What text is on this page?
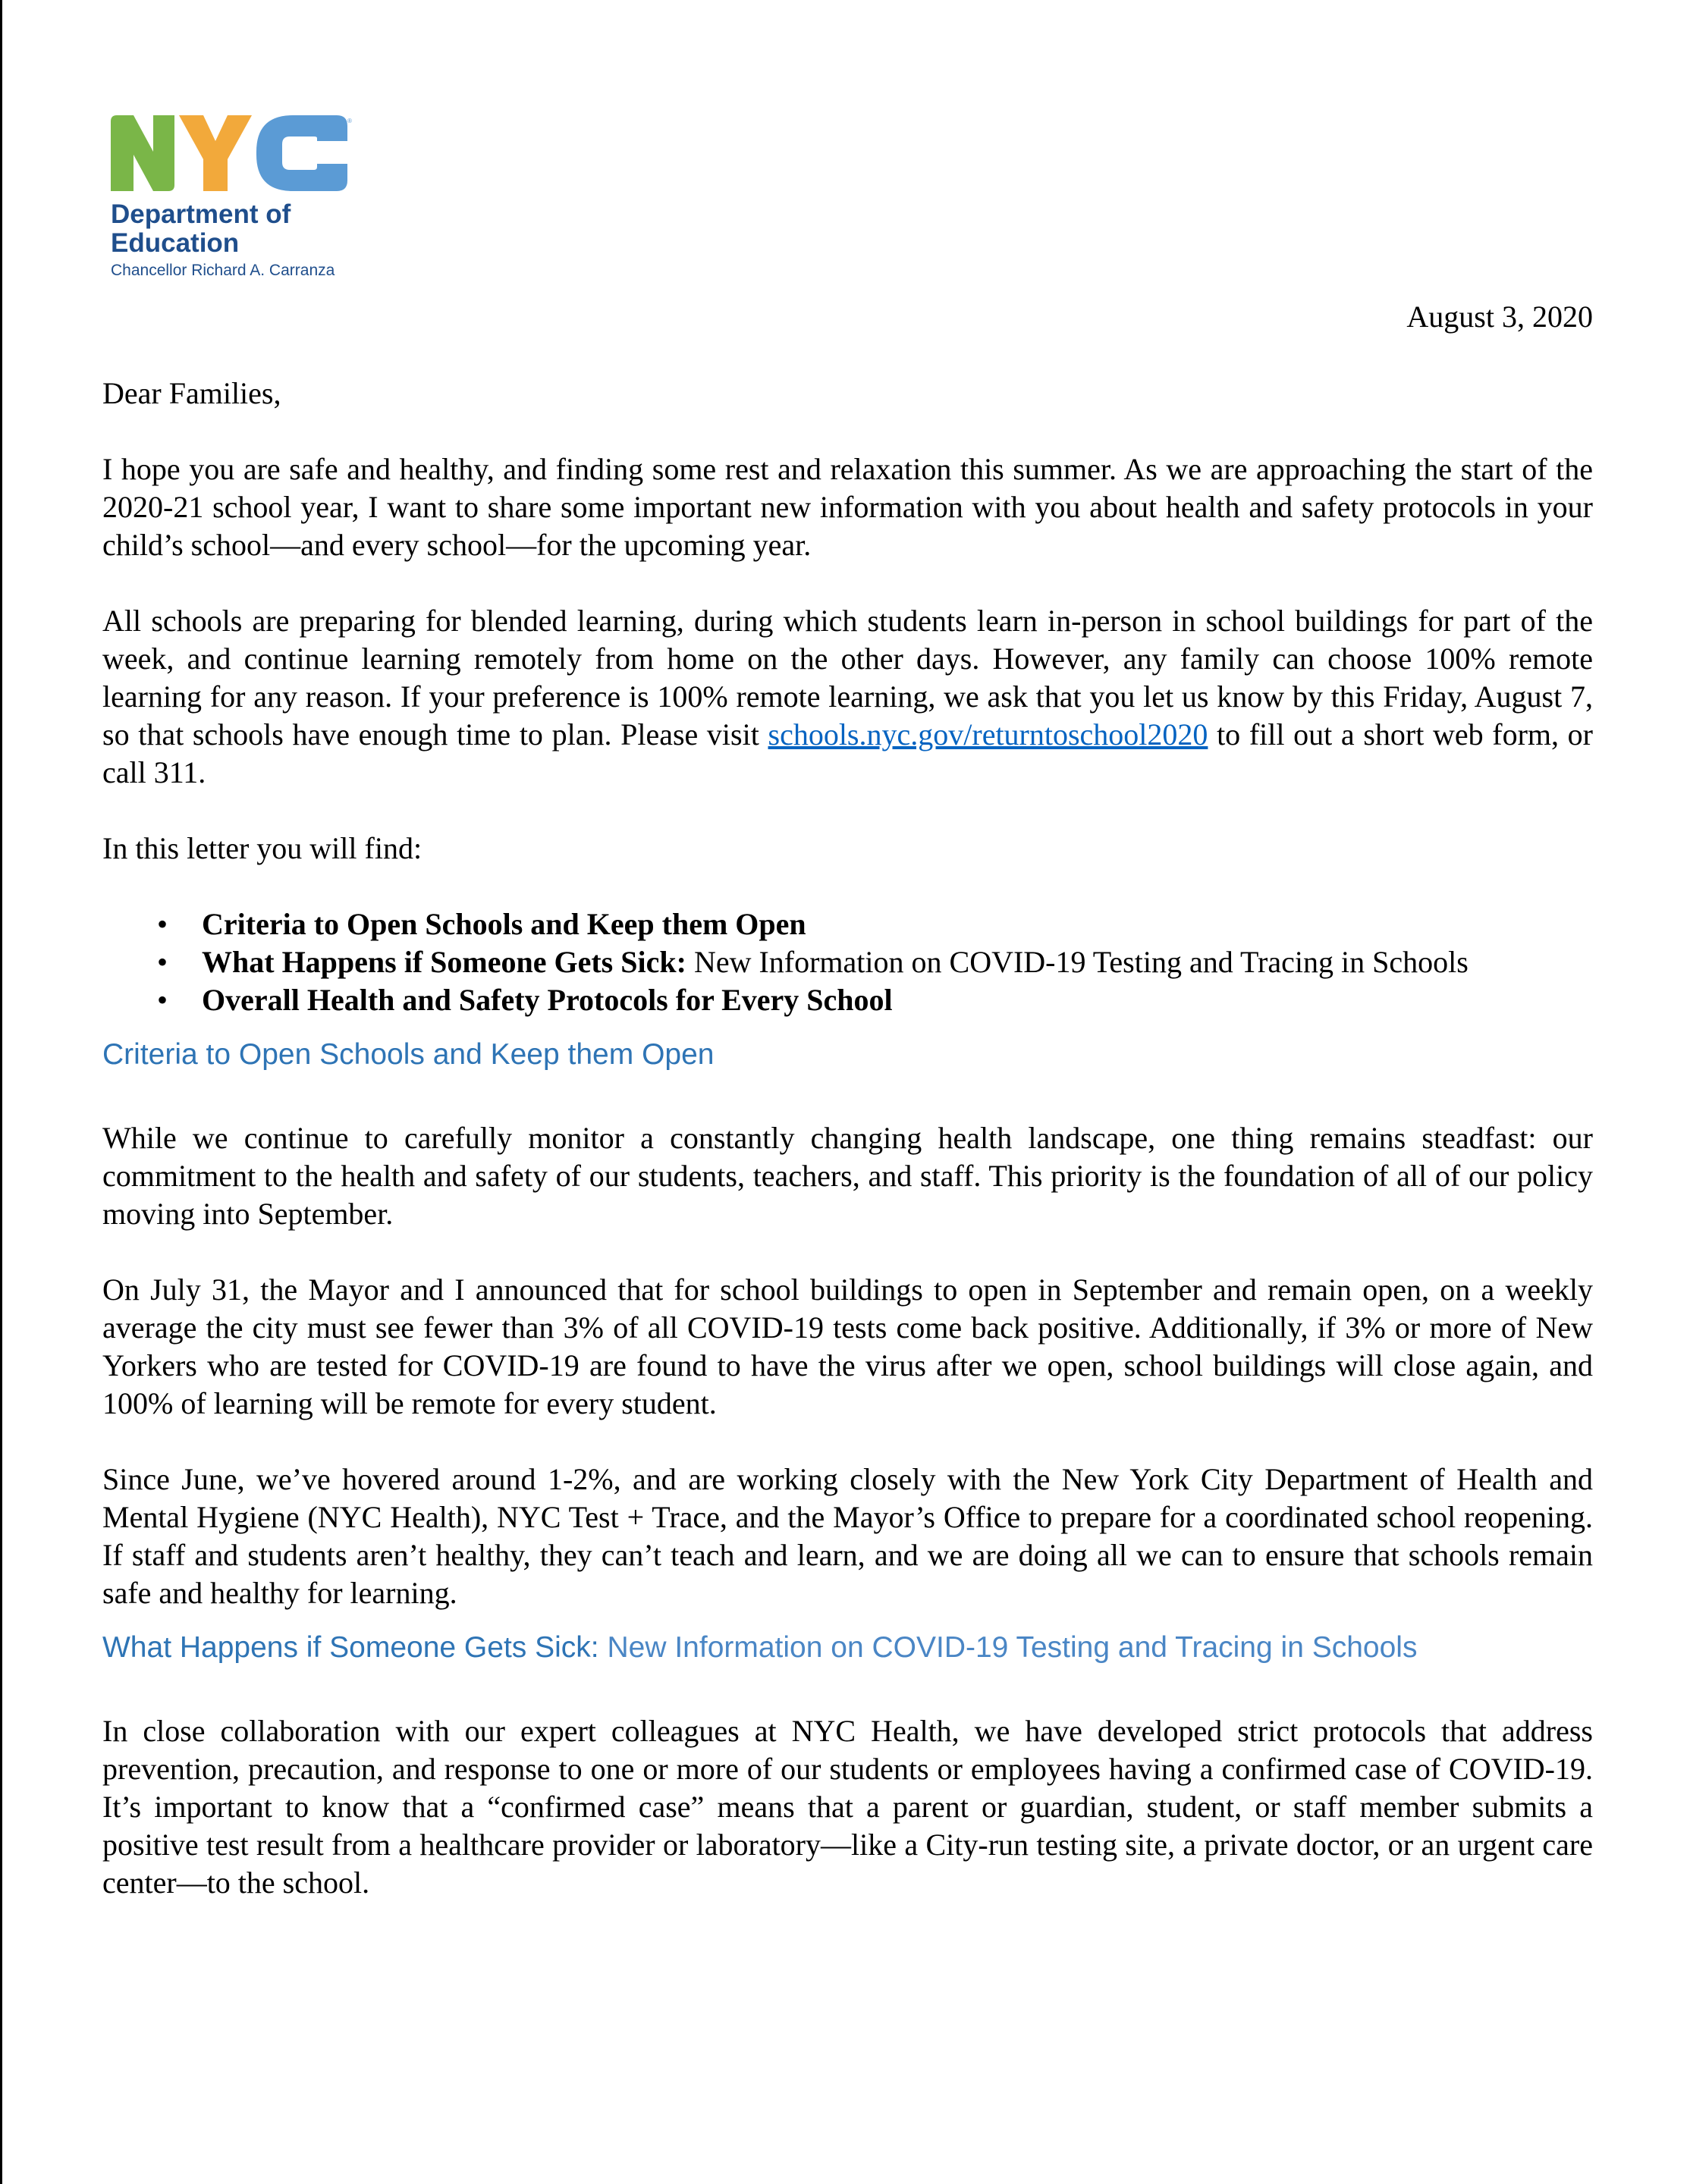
®
Department of Education
Chancellor Richard A. Carranza
August 3, 2020

Dear Families,

I hope you are safe and healthy, and finding some rest and relaxation this summer. As we are approaching the start of the 2020-21 school year, I want to share some important new information with you about health and safety protocols in your child’s school—and every school—for the upcoming year.

All schools are preparing for blended learning, during which students learn in-person in school buildings for part of the week, and continue learning remotely from home on the other days. However, any family can choose 100% remote learning for any reason. If your preference is 100% remote learning, we ask that you let us know by this Friday, August 7, so that schools have enough time to plan. Please visit schools.nyc.gov/returntoschool2020 to fill out a short web form, or call 311.

In this letter you will find:

• Criteria to Open Schools and Keep them Open
• What Happens if Someone Gets Sick: New Information on COVID-19 Testing and Tracing in Schools
• Overall Health and Safety Protocols for Every School

Criteria to Open Schools and Keep them Open

While we continue to carefully monitor a constantly changing health landscape, one thing remains steadfast: our commitment to the health and safety of our students, teachers, and staff. This priority is the foundation of all of our policy moving into September.

On July 31, the Mayor and I announced that for school buildings to open in September and remain open, on a weekly average the city must see fewer than 3% of all COVID-19 tests come back positive. Additionally, if 3% or more of New Yorkers who are tested for COVID-19 are found to have the virus after we open, school buildings will close again, and 100% of learning will be remote for every student.

Since June, we’ve hovered around 1-2%, and are working closely with the New York City Department of Health and Mental Hygiene (NYC Health), NYC Test + Trace, and the Mayor’s Office to prepare for a coordinated school reopening. If staff and students aren’t healthy, they can’t teach and learn, and we are doing all we can to ensure that schools remain safe and healthy for learning.

What Happens if Someone Gets Sick: New Information on COVID-19 Testing and Tracing in Schools

In close collaboration with our expert colleagues at NYC Health, we have developed strict protocols that address prevention, precaution, and response to one or more of our students or employees having a confirmed case of COVID-19. It’s important to know that a “confirmed case” means that a parent or guardian, student, or staff member submits a positive test result from a healthcare provider or laboratory—like a City-run testing site, a private doctor, or an urgent care center—to the school.
